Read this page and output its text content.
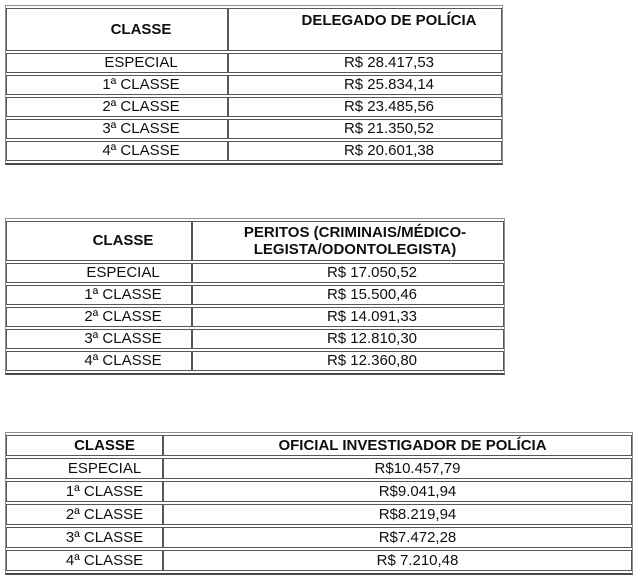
CLASSE	DELEGADO DE POLÍCIA
ESPECIAL	R$ 28.417,53
1ª CLASSE	R$ 25.834,14
2ª CLASSE	R$ 23.485,56
3ª CLASSE	R$ 21.350,52
4ª CLASSE	R$ 20.601,38
CLASSE	PERITOS (CRIMINAIS/MÉDICO-
LEGISTA/ODONTOLEGISTA)
ESPECIAL	R$ 17.050,52
1ª CLASSE	R$ 15.500,46
2ª CLASSE	R$ 14.091,33
3ª CLASSE	R$ 12.810,30
4ª CLASSE	R$ 12.360,80
CLASSE	OFICIAL INVESTIGADOR DE POLÍCIA
ESPECIAL	R$10.457,79
1ª CLASSE	R$9.041,94
2ª CLASSE	R$8.219,94
3ª CLASSE	R$7.472,28
4ª CLASSE	R$ 7.210,48
